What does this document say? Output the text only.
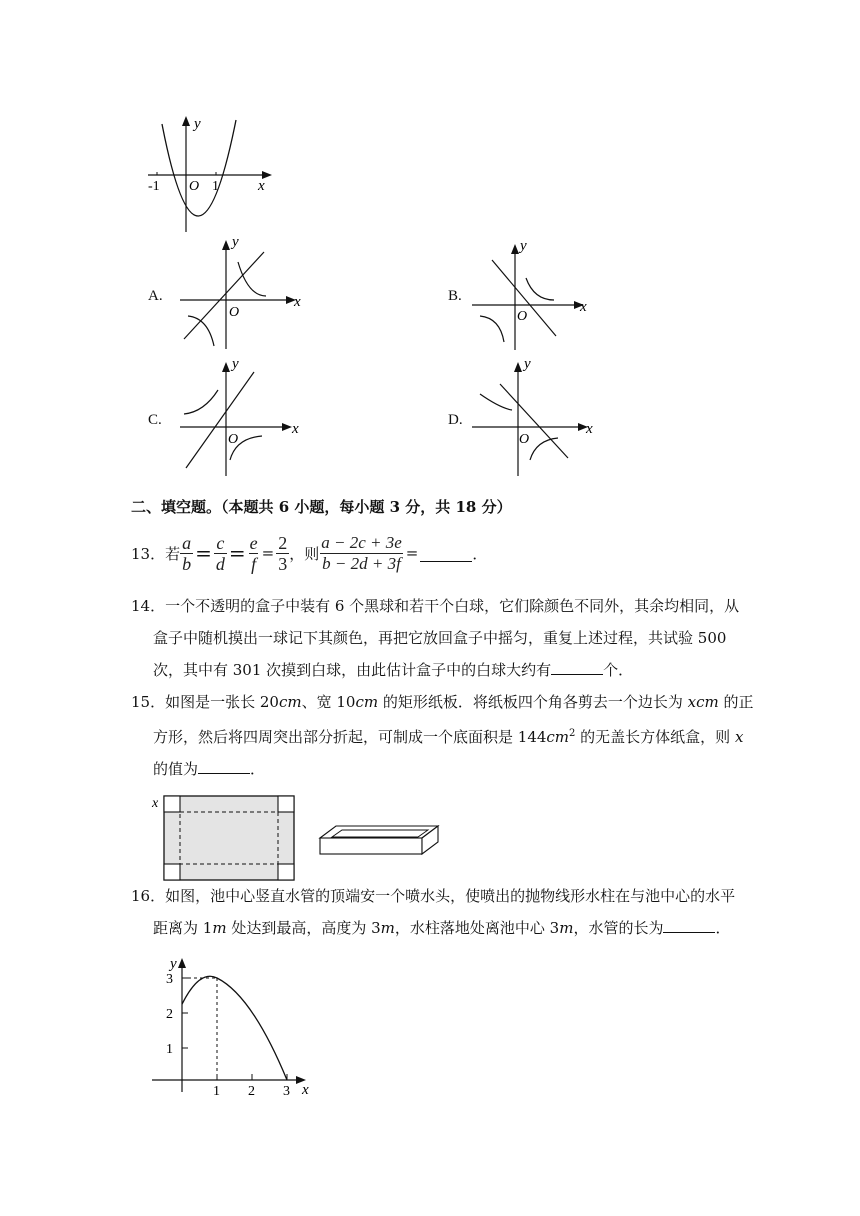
-1 O 1	x
y
A.
O
x
y
B.
O
x
y
C.
O
x
y
D.
O
x
y
二、填空题。（本题共 6 小题，每小题 3 分，共 18 分）
13． 若 $\frac{a}{b} = \frac{c}{d} = \frac{e}{f} = \frac{2}{3}$ ，则 $\frac{a - 2c + 3e}{b - 2d + 3f}$ =	．
14．一个不透明的盒子中装有 6 个黑球和若干个白球，它们除颜色不同外，其余均相同，从
盒子中随机摸出一球记下其颜色，再把它放回盒子中摇匀，重复上述过程，共试验 500
次，其中有 301 次摸到白球，由此估计盒子中的白球大约有	个．
15．如图是一张长 20cm、宽 10cm 的矩形纸板．将纸板四个角各剪去一个边长为 xcm 的正
方形，然后将四周突出部分折起，可制成一个底面积是 $144cm^2$ 的无盖长方体纸盒，则 x
的值为	．
x
16．如图，池中心竖直水管的顶端安一个喷水头，使喷出的抛物线形水柱在与池中心的水平
距离为 1m 处达到最高，高度为 3m，水柱落地处离池中心 3m，水管的长为	．
y
x
1
2
3
1 2 3
